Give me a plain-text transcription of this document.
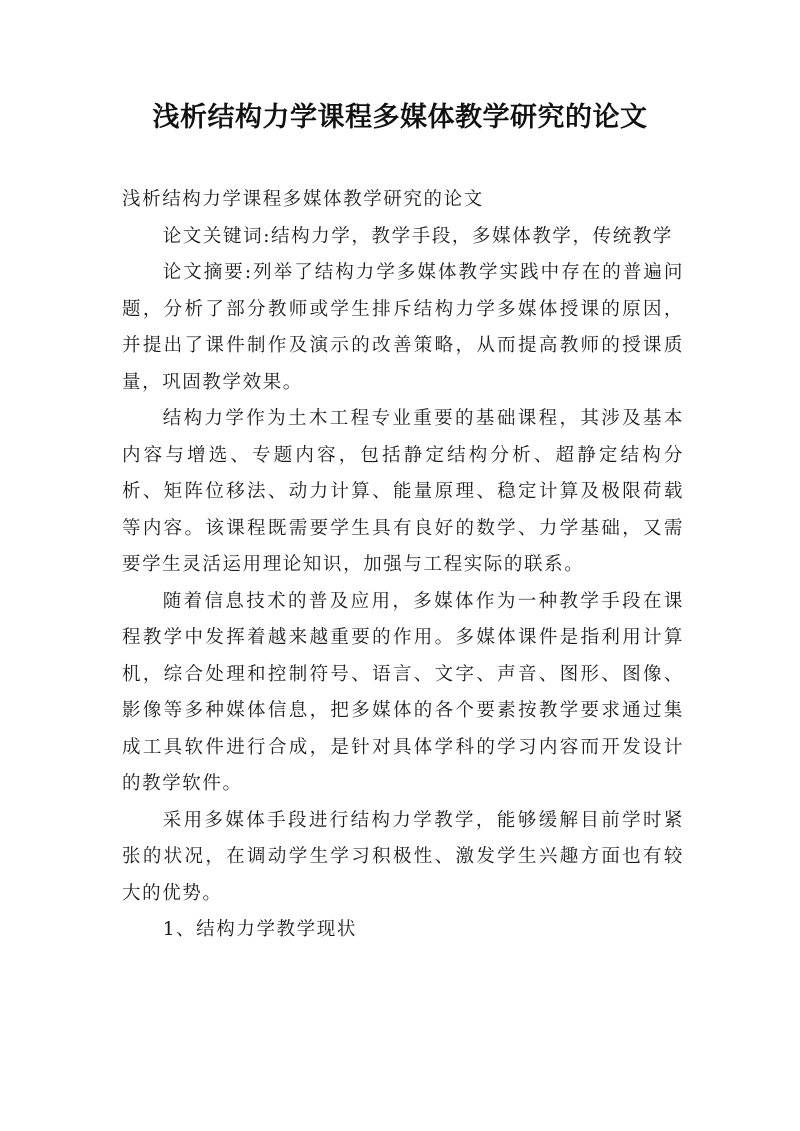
浅析结构力学课程多媒体教学研究的论文

浅析结构力学课程多媒体教学研究的论文

论文关键词:结构力学，教学手段，多媒体教学，传统教学

论文摘要:列举了结构力学多媒体教学实践中存在的普遍问题，分析了部分教师或学生排斥结构力学多媒体授课的原因，并提出了课件制作及演示的改善策略，从而提高教师的授课质量，巩固教学效果。

结构力学作为土木工程专业重要的基础课程，其涉及基本内容与增选、专题内容，包括静定结构分析、超静定结构分析、矩阵位移法、动力计算、能量原理、稳定计算及极限荷载等内容。该课程既需要学生具有良好的数学、力学基础，又需要学生灵活运用理论知识，加强与工程实际的联系。

随着信息技术的普及应用，多媒体作为一种教学手段在课程教学中发挥着越来越重要的作用。多媒体课件是指利用计算机，综合处理和控制符号、语言、文字、声音、图形、图像、影像等多种媒体信息，把多媒体的各个要素按教学要求通过集成工具软件进行合成，是针对具体学科的学习内容而开发设计的教学软件。

采用多媒体手段进行结构力学教学，能够缓解目前学时紧张的状况，在调动学生学习积极性、激发学生兴趣方面也有较大的优势。

1、结构力学教学现状
